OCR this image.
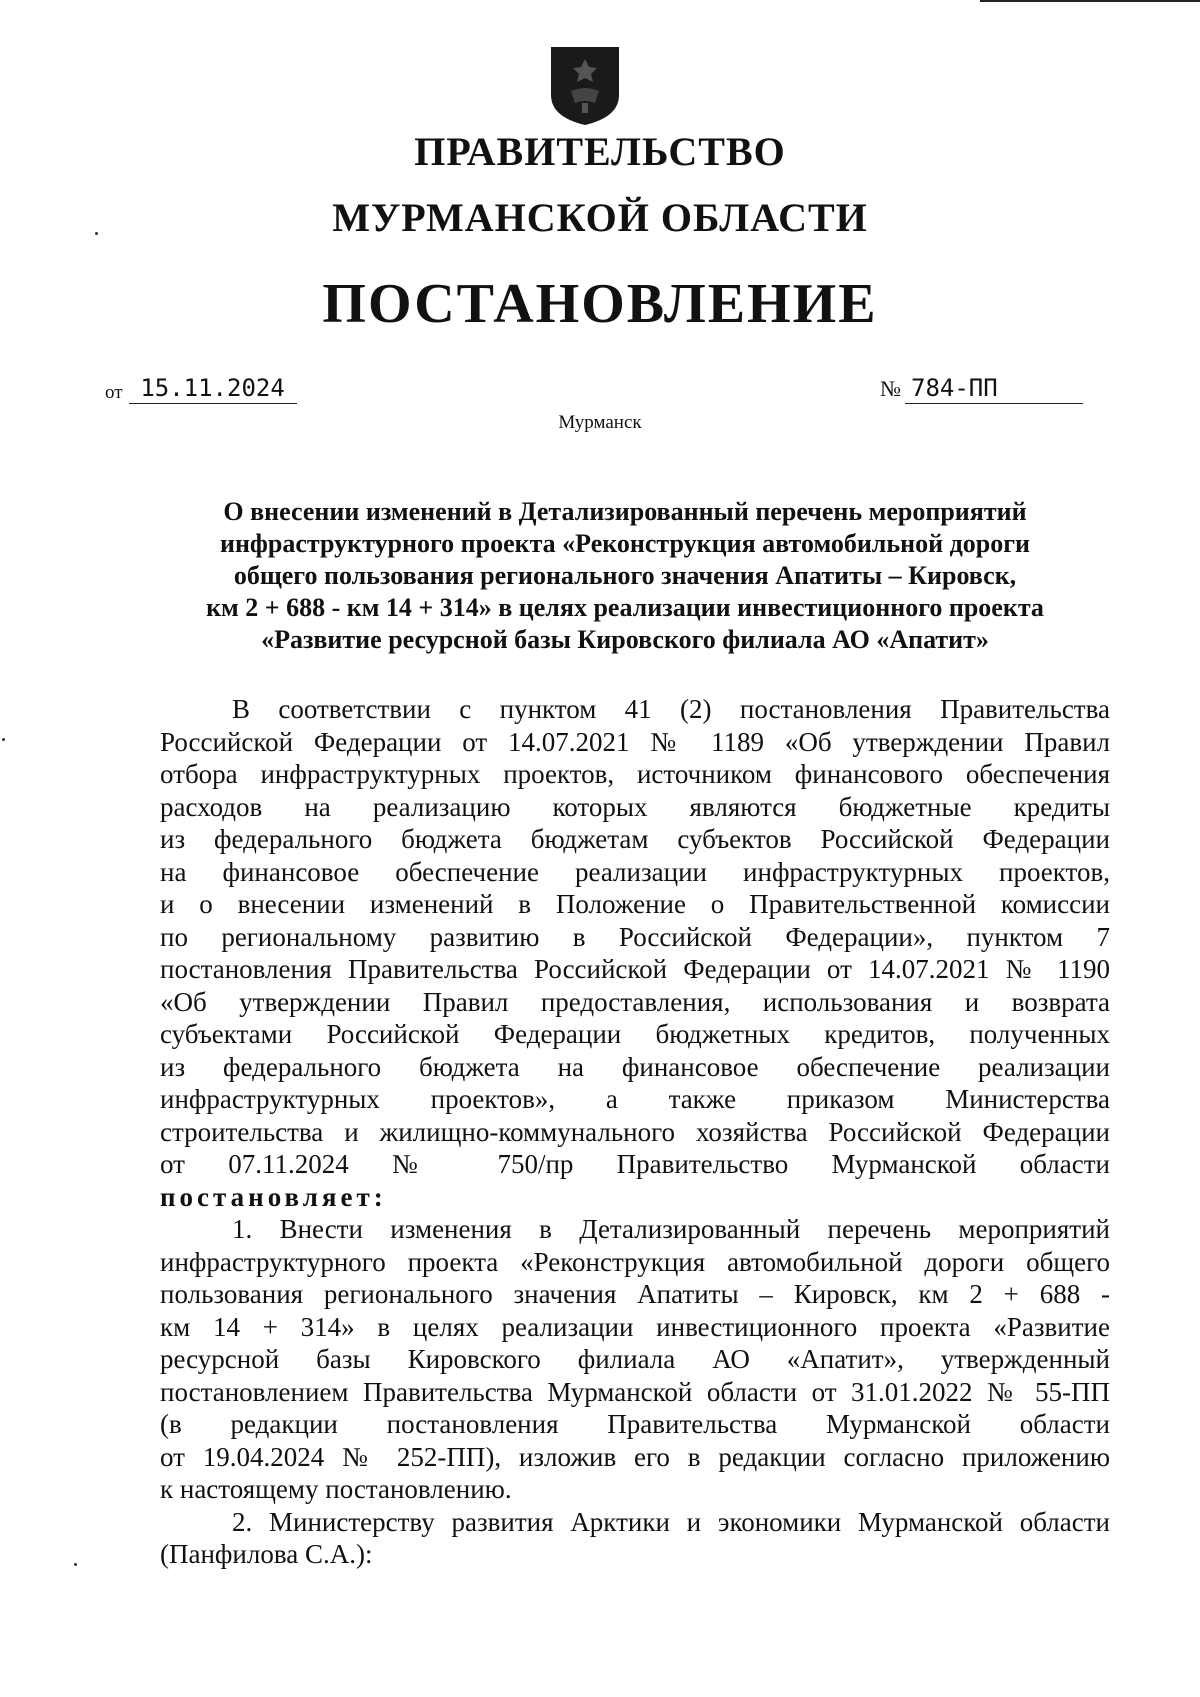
ПРАВИТЕЛЬСТВО
МУРМАНСКОЙ ОБЛАСТИ
ПОСТАНОВЛЕНИЕ
от 15.11.2024	№ 784-ПП
Мурманск
О внесении изменений в Детализированный перечень мероприятий
инфраструктурного проекта «Реконструкция автомобильной дороги
общего пользования регионального значения Апатиты – Кировск,
км 2 + 688 - км 14 + 314» в целях реализации инвестиционного проекта
«Развитие ресурсной базы Кировского филиала АО «Апатит»
В соответствии с пунктом 41 (2) постановления Правительства
Российской Федерации от 14.07.2021 № 1189 «Об утверждении Правил
отбора инфраструктурных проектов, источником финансового обеспечения
расходов на реализацию которых являются бюджетные кредиты
из федерального бюджета бюджетам субъектов Российской Федерации
на финансовое обеспечение реализации инфраструктурных проектов,
и о внесении изменений в Положение о Правительственной комиссии
по региональному развитию в Российской Федерации», пунктом 7
постановления Правительства Российской Федерации от 14.07.2021 № 1190
«Об утверждении Правил предоставления, использования и возврата
субъектами Российской Федерации бюджетных кредитов, полученных
из федерального бюджета на финансовое обеспечение реализации
инфраструктурных проектов», а также приказом Министерства
строительства и жилищно-коммунального хозяйства Российской Федерации
от 07.11.2024 № 750/пр Правительство Мурманской области
постановляет:
1. Внести изменения в Детализированный перечень мероприятий
инфраструктурного проекта «Реконструкция автомобильной дороги общего
пользования регионального значения Апатиты – Кировск, км 2 + 688 -
км 14 + 314» в целях реализации инвестиционного проекта «Развитие
ресурсной базы Кировского филиала АО «Апатит», утвержденный
постановлением Правительства Мурманской области от 31.01.2022 № 55-ПП
(в редакции постановления Правительства Мурманской области
от 19.04.2024 № 252-ПП), изложив его в редакции согласно приложению
к настоящему постановлению.
2. Министерству развития Арктики и экономики Мурманской области
(Панфилова С.А.):
